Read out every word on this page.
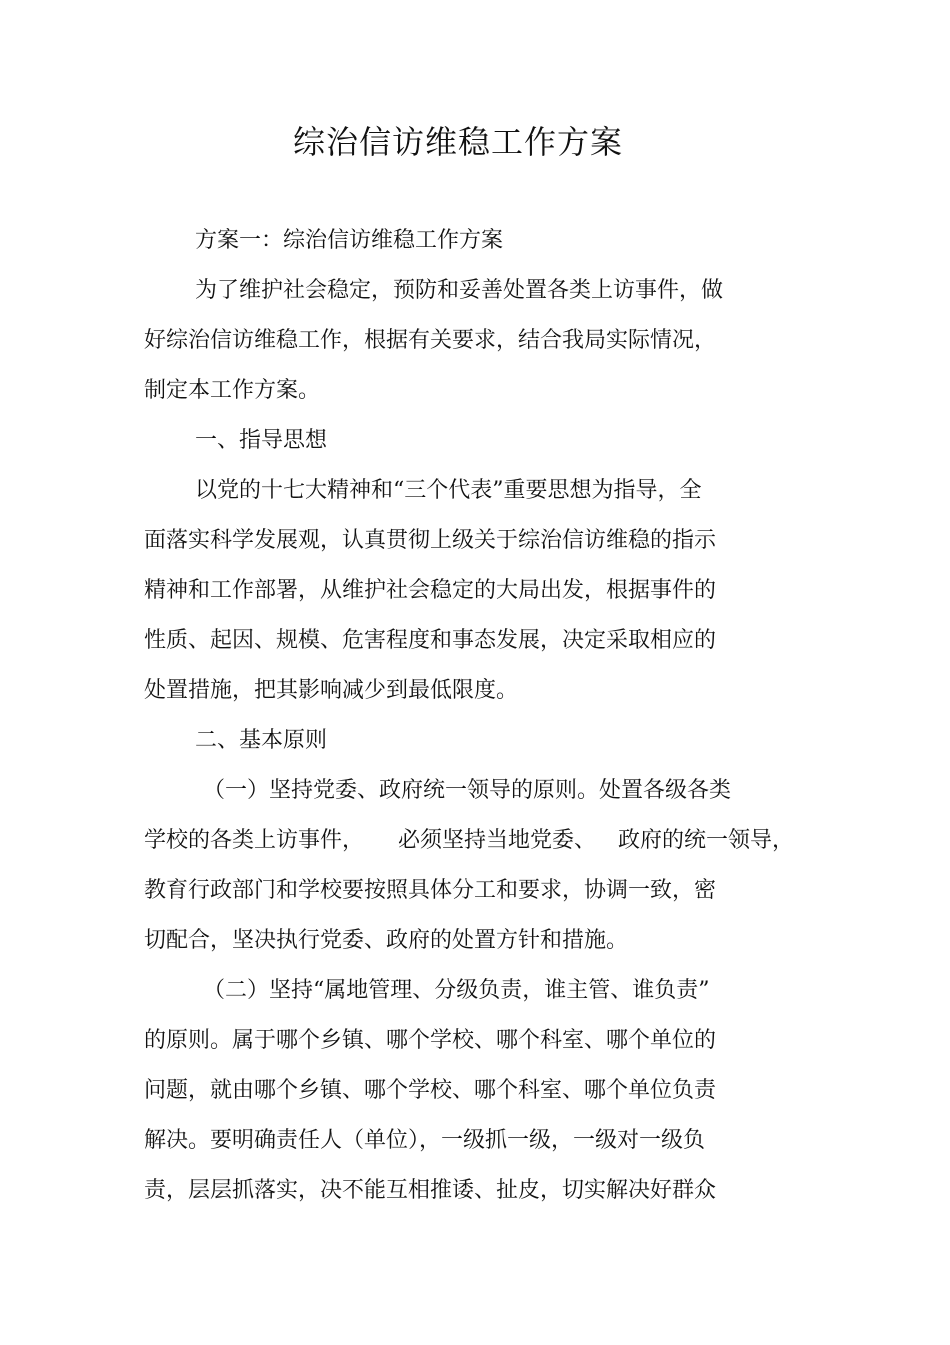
综治信访维稳工作方案
方案一：综治信访维稳工作方案
为了维护社会稳定，预防和妥善处置各类上访事件，做
好综治信访维稳工作，根据有关要求，结合我局实际情况，
制定本工作方案。
一、指导思想
以党的十七大精神和“三个代表”重要思想为指导，全
面落实科学发展观，认真贯彻上级关于综治信访维稳的指示
精神和工作部署，从维护社会稳定的大局出发，根据事件的
性质、起因、规模、危害程度和事态发展，决定采取相应的
处置措施，把其影响减少到最低限度。
二、基本原则
（一）坚持党委、政府统一领导的原则。处置各级各类
学校的各类上访事件， 必须坚持当地党委、 政府的统一领导，
教育行政部门和学校要按照具体分工和要求，协调一致，密
切配合，坚决执行党委、政府的处置方针和措施。
（二）坚持“属地管理、分级负责，谁主管、谁负责”
的原则。属于哪个乡镇、哪个学校、哪个科室、哪个单位的
问题，就由哪个乡镇、哪个学校、哪个科室、哪个单位负责
解决。要明确责任人（单位），一级抓一级，一级对一级负
责，层层抓落实，决不能互相推诿、扯皮，切实解决好群众
